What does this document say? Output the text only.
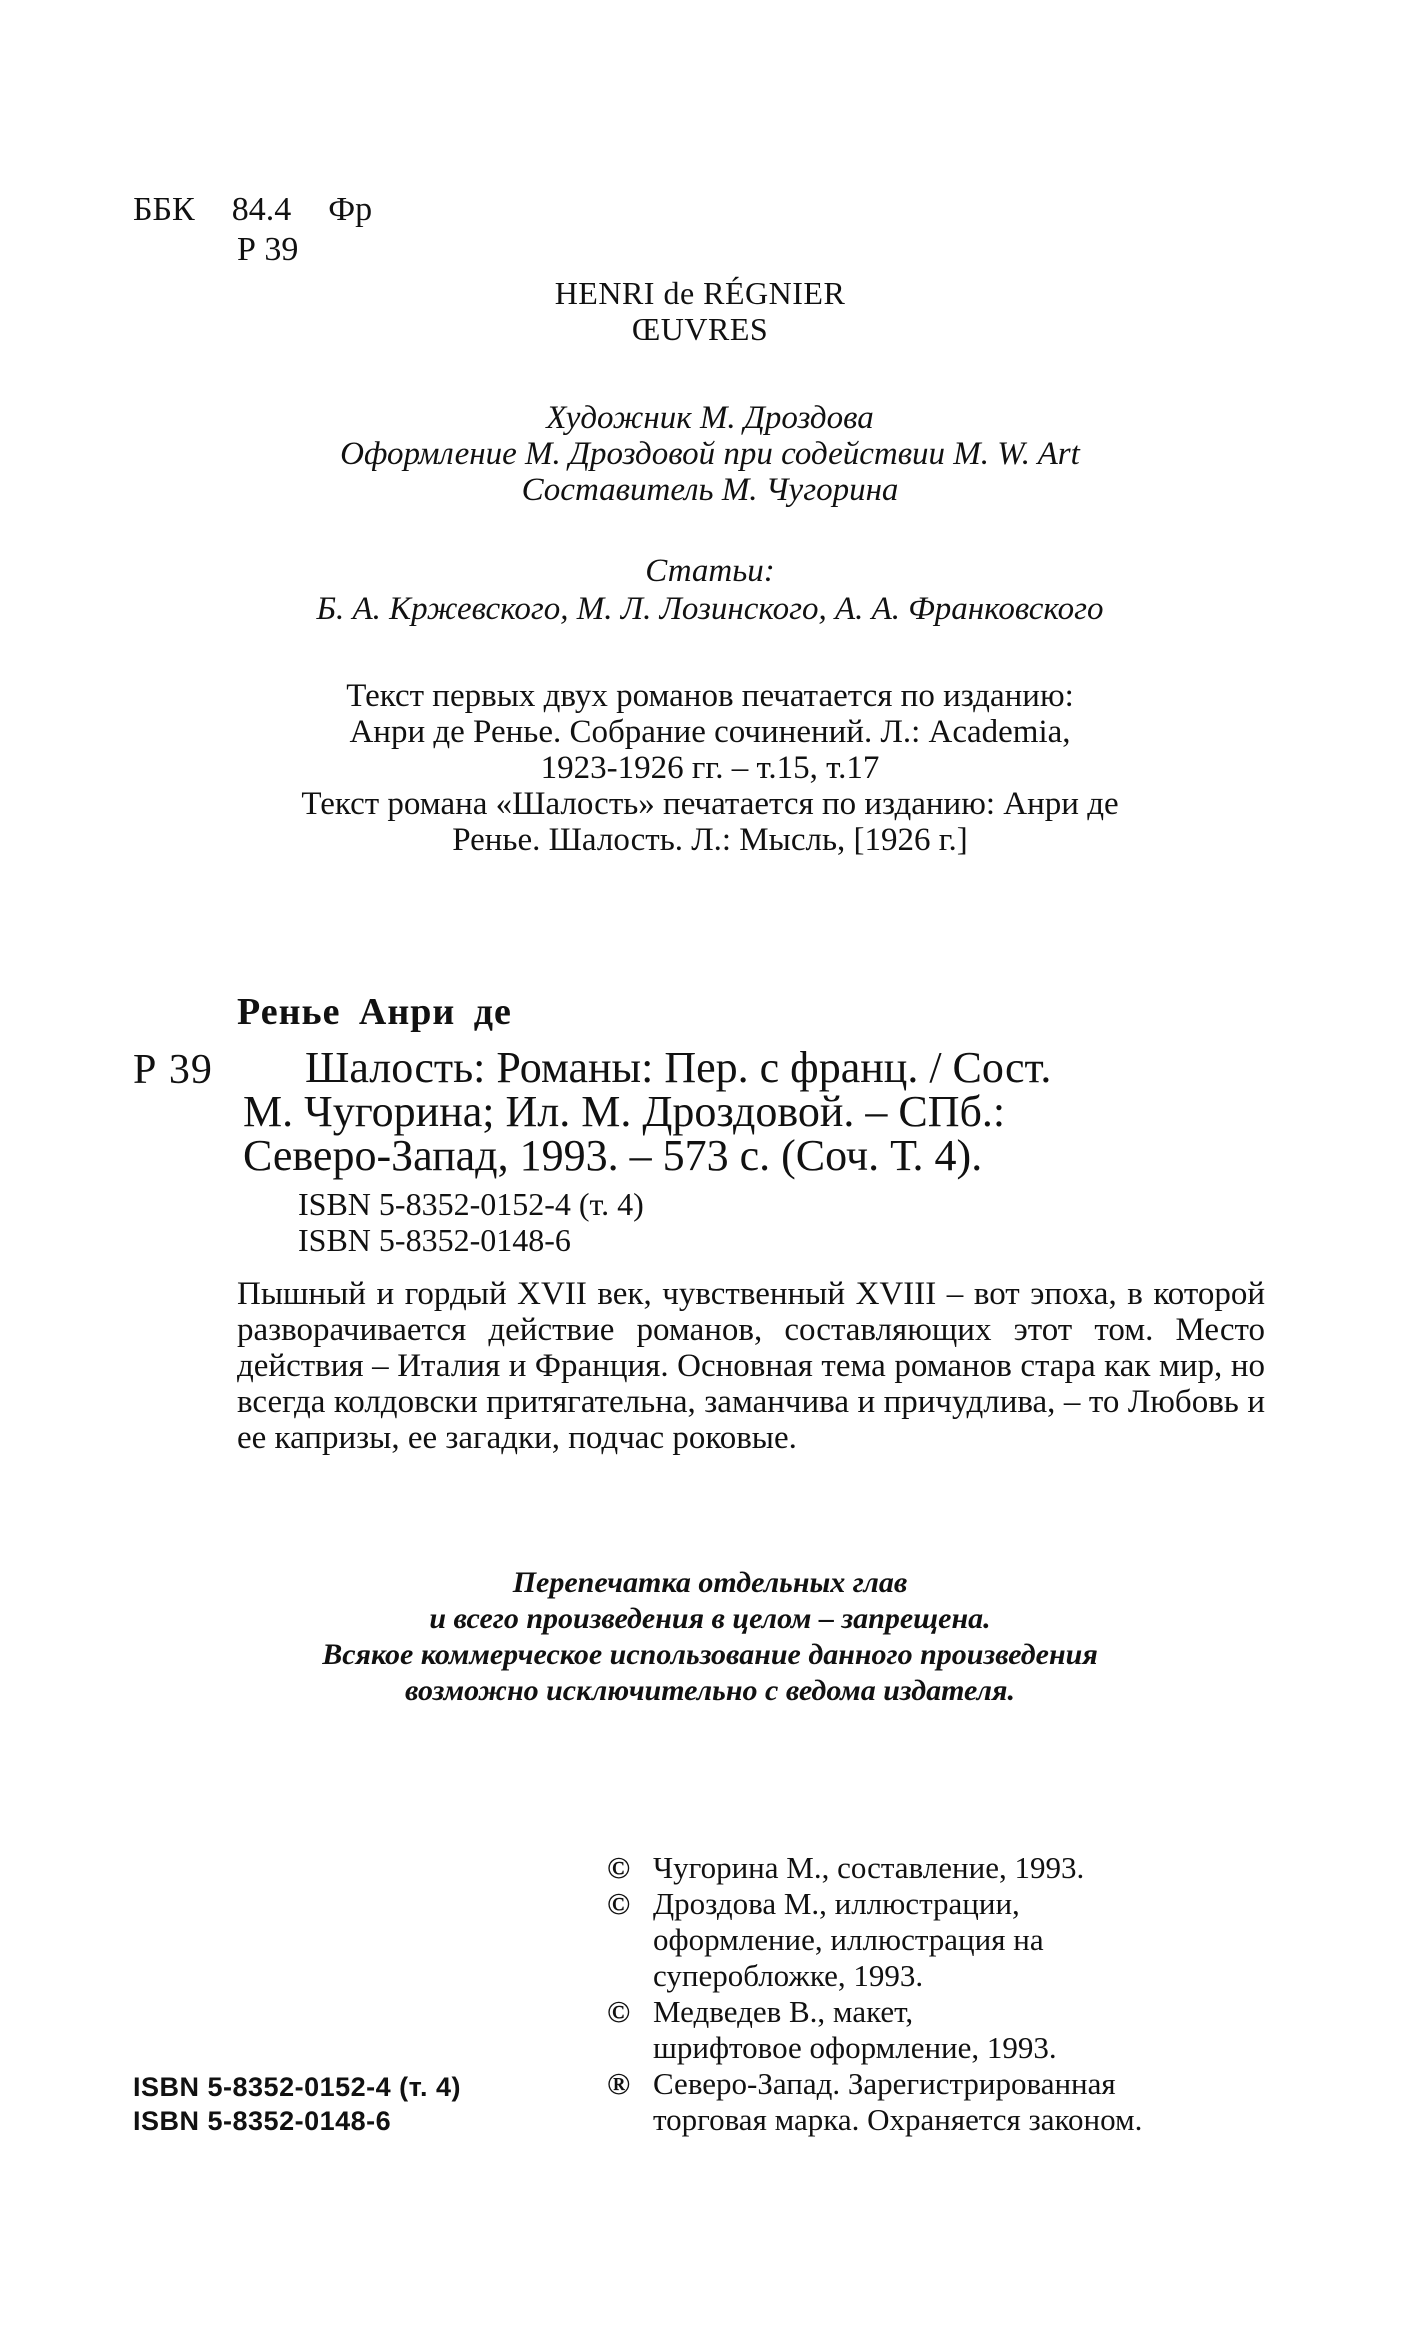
ББК 84.4 Фр
Р 39
HENRI de RÉGNIER
ŒUVRES
Художник М. Дроздова
Оформление М. Дроздовой при содействии М. W. Art
Составитель М. Чугорина
Статьи:
Б. А. Кржевского, М. Л. Лозинского, А. А. Франковского
Текст первых двух романов печатается по изданию:
Анри де Ренье. Собрание сочинений. Л.: Academia,
1923-1926 гг. – т.15, т.17
Текст романа «Шалость» печатается по изданию: Анри де
Ренье. Шалость. Л.: Мысль, [1926 г.]
Ренье Анри де
Р 39	Шалость: Романы: Пер. с франц. / Сост.
М. Чугорина; Ил. М. Дроздовой. – СПб.:
Северо-Запад, 1993. – 573 с. (Соч. Т. 4).
ISBN 5-8352-0152-4 (т. 4)
ISBN 5-8352-0148-6
Пышный и гордый XVII век, чувственный XVIII – вот эпоха, в которой разворачивается действие романов, составляющих этот том. Место действия – Италия и Франция. Основная тема романов стара как мир, но всегда колдовски притягательна, заманчива и причудлива, – то Любовь и ее капризы, ее загадки, подчас роковые.
Перепечатка отдельных глав
и всего произведения в целом – запрещена.
Всякое коммерческое использование данного произведения
возможно исключительно с ведома издателя.
© Чугорина М., составление, 1993.
© Дроздова М., иллюстрации,
оформление, иллюстрация на
суперобложке, 1993.
© Медведев В., макет,
шрифтовое оформление, 1993.
® Северо-Запад. Зарегистрированная
торговая марка. Охраняется законом.
ISBN 5-8352-0152-4 (т. 4)
ISBN 5-8352-0148-6
